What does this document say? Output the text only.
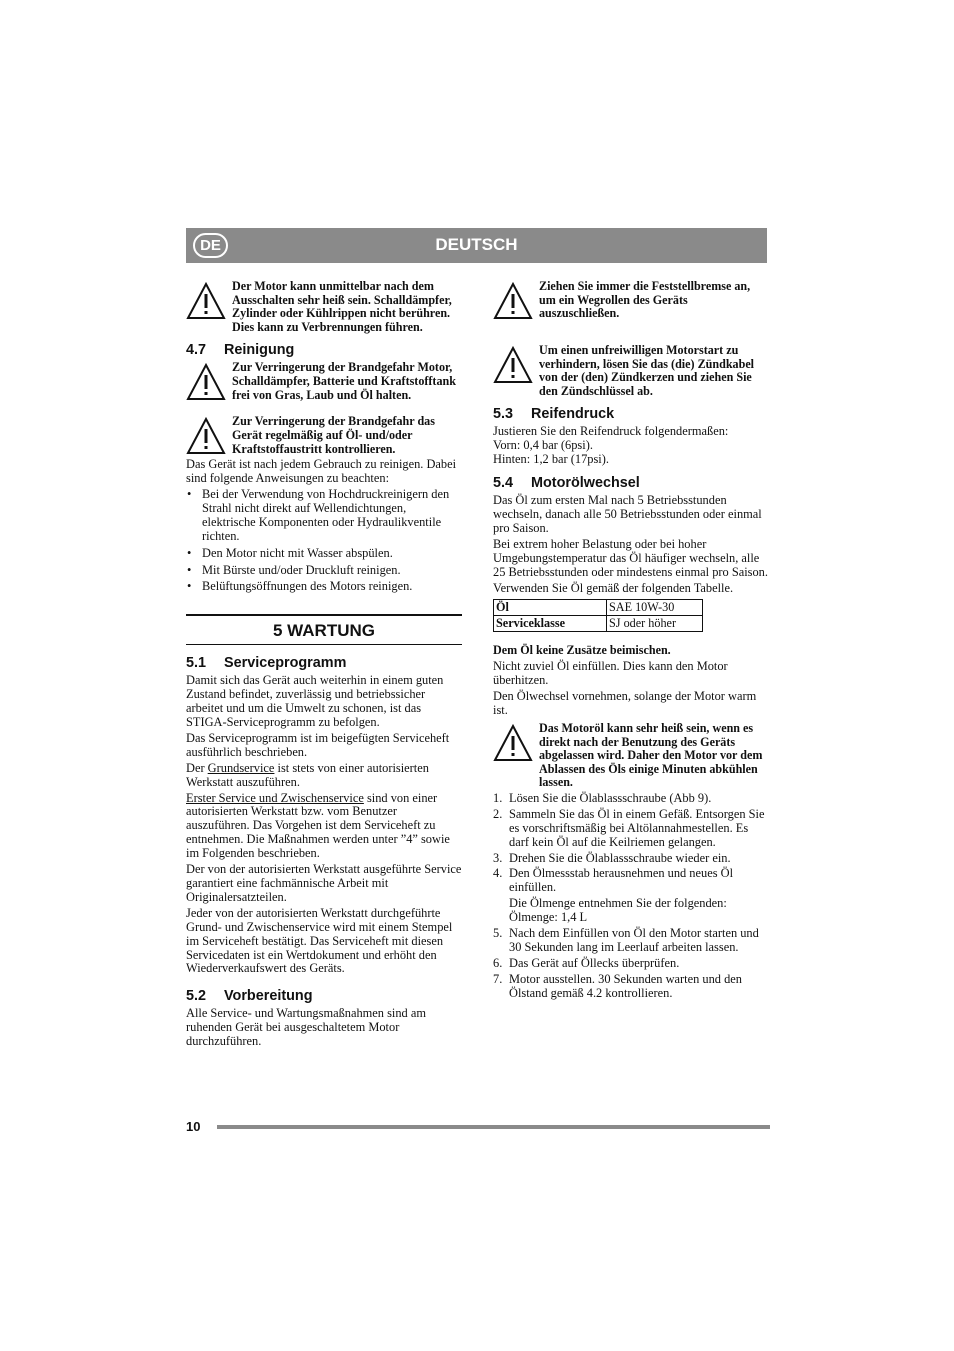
DE	DEUTSCH
Der Motor kann unmittelbar nach dem Ausschalten sehr heiß sein. Schalldämpfer, Zylinder oder Kühlrippen nicht berühren. Dies kann zu Verbrennungen führen.
4.7 Reinigung
Zur Verringerung der Brandgefahr Motor, Schalldämpfer, Batterie und Kraftstofftank frei von Gras, Laub und Öl halten.
Zur Verringerung der Brandgefahr das Gerät regelmäßig auf Öl- und/oder Kraftstoffaustritt kontrollieren.

Das Gerät ist nach jedem Gebrauch zu reinigen. Dabei sind folgende Anweisungen zu beachten:

• Bei der Verwendung von Hochdruckreinigern den Strahl nicht direkt auf Wellendichtungen, elektrische Komponenten oder Hydraulikventile richten.
• Den Motor nicht mit Wasser abspülen.
• Mit Bürste und/oder Druckluft reinigen.
• Belüftungsöffnungen des Motors reinigen.
5 WARTUNG
5.1 Serviceprogramm

Damit sich das Gerät auch weiterhin in einem guten Zustand befindet, zuverlässig und betriebssicher arbeitet und um die Umwelt zu schonen, ist das STIGA-Serviceprogramm zu befolgen.

Das Serviceprogramm ist im beigefügten Serviceheft ausführlich beschrieben.

Der Grundservice ist stets von einer autorisierten Werkstatt auszuführen.

Erster Service und Zwischenservice sind von einer autorisierten Werkstatt bzw. vom Benutzer auszuführen. Das Vorgehen ist dem Serviceheft zu entnehmen. Die Maßnahmen werden unter ”4” sowie im Folgenden beschrieben.

Der von der autorisierten Werkstatt ausgeführte Service garantiert eine fachmännische Arbeit mit Originalersatzteilen.

Jeder von der autorisierten Werkstatt durchgeführte Grund- und Zwischenservice wird mit einem Stempel im Serviceheft bestätigt. Das Serviceheft mit diesen Servicedaten ist ein Wertdokument und erhöht den Wiederverkaufswert des Geräts.

5.2 Vorbereitung

Alle Service- und Wartungsmaßnahmen sind am ruhenden Gerät bei ausgeschaltetem Motor durchzuführen.

Ziehen Sie immer die Feststellbremse an, um ein Wegrollen des Geräts auszuschließen.
Um einen unfreiwilligen Motorstart zu verhindern, lösen Sie das (die) Zündkabel von der (den) Zündkerzen und ziehen Sie den Zündschlüssel ab.
5.3 Reifendruck

Justieren Sie den Reifendruck folgendermaßen:

Vorn: 0,4 bar (6psi).

Hinten: 1,2 bar (17psi).

5.4 Motorölwechsel

Das Öl zum ersten Mal nach 5 Betriebsstunden wechseln, danach alle 50 Betriebsstunden oder einmal pro Saison.

Bei extrem hoher Belastung oder bei hoher Umgebungstemperatur das Öl häufiger wechseln, alle 25 Betriebsstunden oder mindestens einmal pro Saison.

Verwenden Sie Öl gemäß der folgenden Tabelle.

Öl	SAE 10W-30
Serviceklasse	SJ oder höher

Dem Öl keine Zusätze beimischen.

Nicht zuviel Öl einfüllen. Dies kann den Motor überhitzen.

Den Ölwechsel vornehmen, solange der Motor warm ist.

Das Motoröl kann sehr heiß sein, wenn es direkt nach der Benutzung des Geräts abgelassen wird. Daher den Motor vor dem Ablassen des Öls einige Minuten abkühlen lassen.
1. Lösen Sie die Ölablassschraube (Abb 9).
2. Sammeln Sie das Öl in einem Gefäß. Entsorgen Sie es vorschriftsmäßig bei Altölannahmestellen. Es darf kein Öl auf die Keilriemen gelangen.
3. Drehen Sie die Ölablassschraube wieder ein.
4. Den Ölmessstab herausnehmen und neues Öl einfüllen.
Die Ölmenge entnehmen Sie der folgenden: Ölmenge: 1,4 L
5. Nach dem Einfüllen von Öl den Motor starten und 30 Sekunden lang im Leerlauf arbeiten lassen.
6. Das Gerät auf Öllecks überprüfen.
7. Motor ausstellen. 30 Sekunden warten und den Ölstand gemäß 4.2 kontrollieren.
10
